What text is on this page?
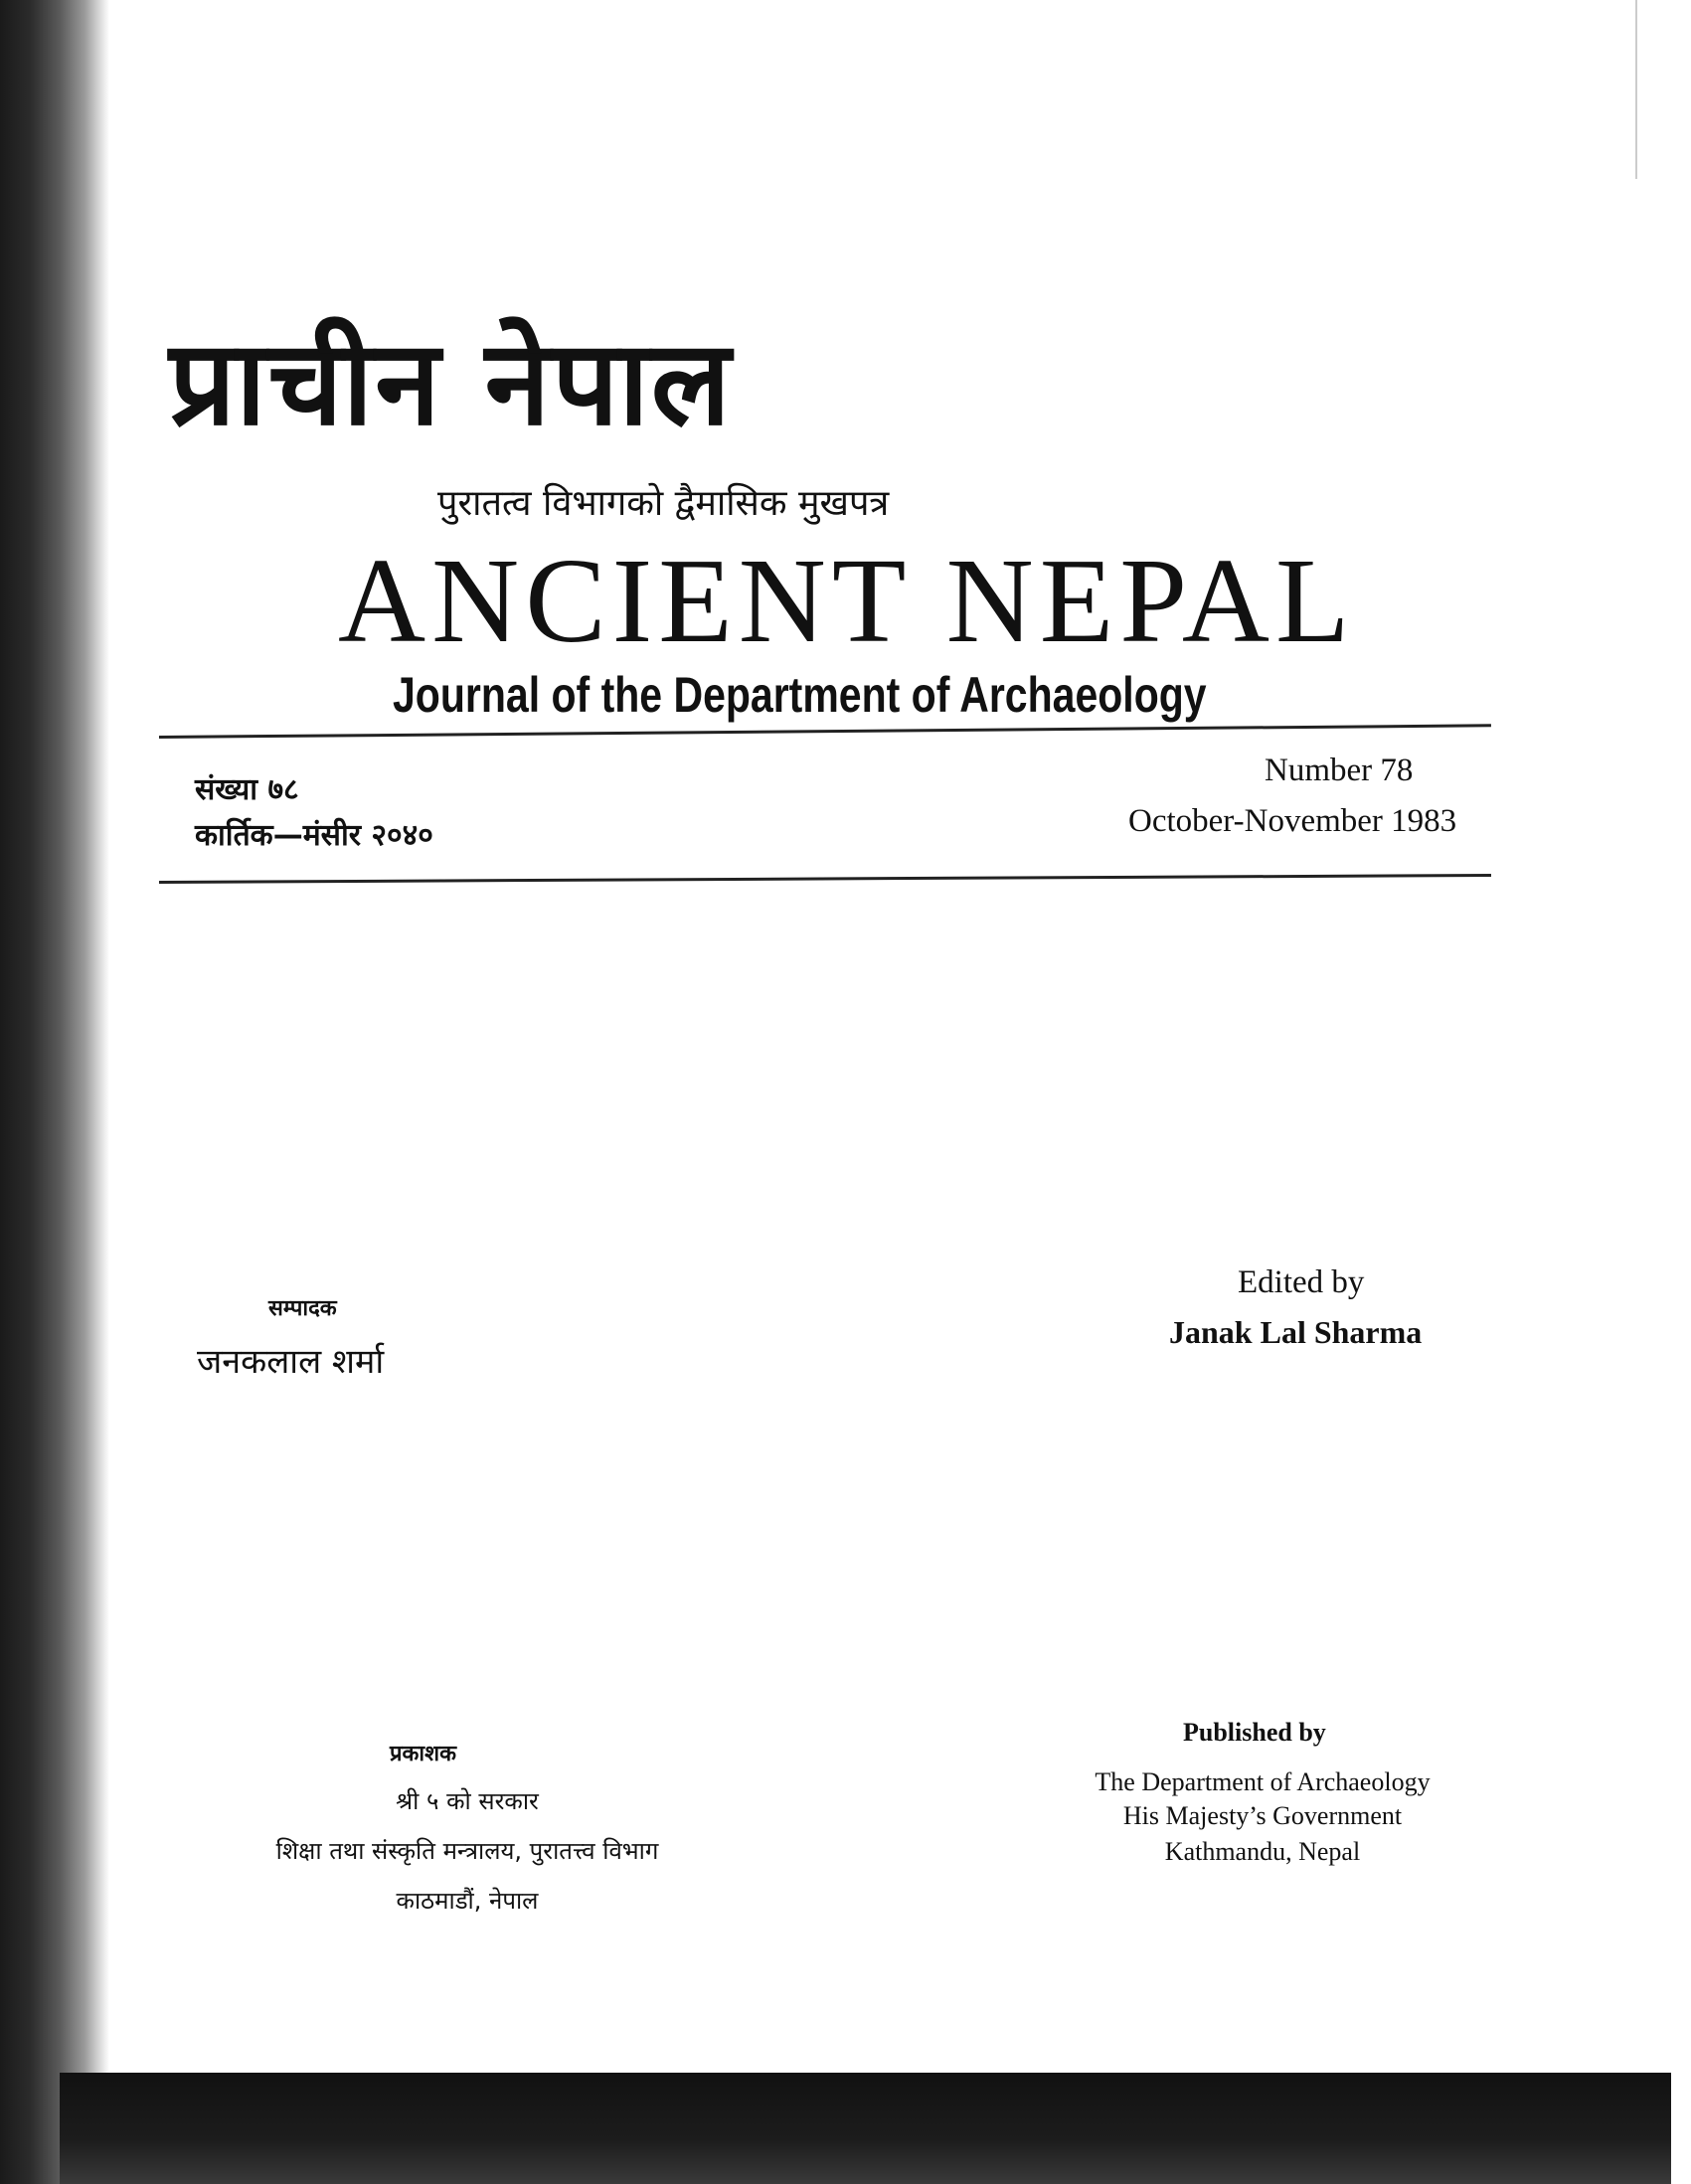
प्राचीन नेपाल
पुरातत्व विभागको द्वैमासिक मुखपत्र
ANCIENT NEPAL
Journal of the Department of Archaeology
संख्या ७८
कार्तिक—मंसीर २०४०
Number 78
October-November 1983
सम्पादक
जनकलाल शर्मा
Edited by
Janak Lal Sharma
प्रकाशक
श्री ५ को सरकार
शिक्षा तथा संस्कृति मन्त्रालय, पुरातत्त्व विभाग
काठमाडौं, नेपाल
Published by
The Department of Archaeology
His Majesty’s Government
Kathmandu, Nepal
